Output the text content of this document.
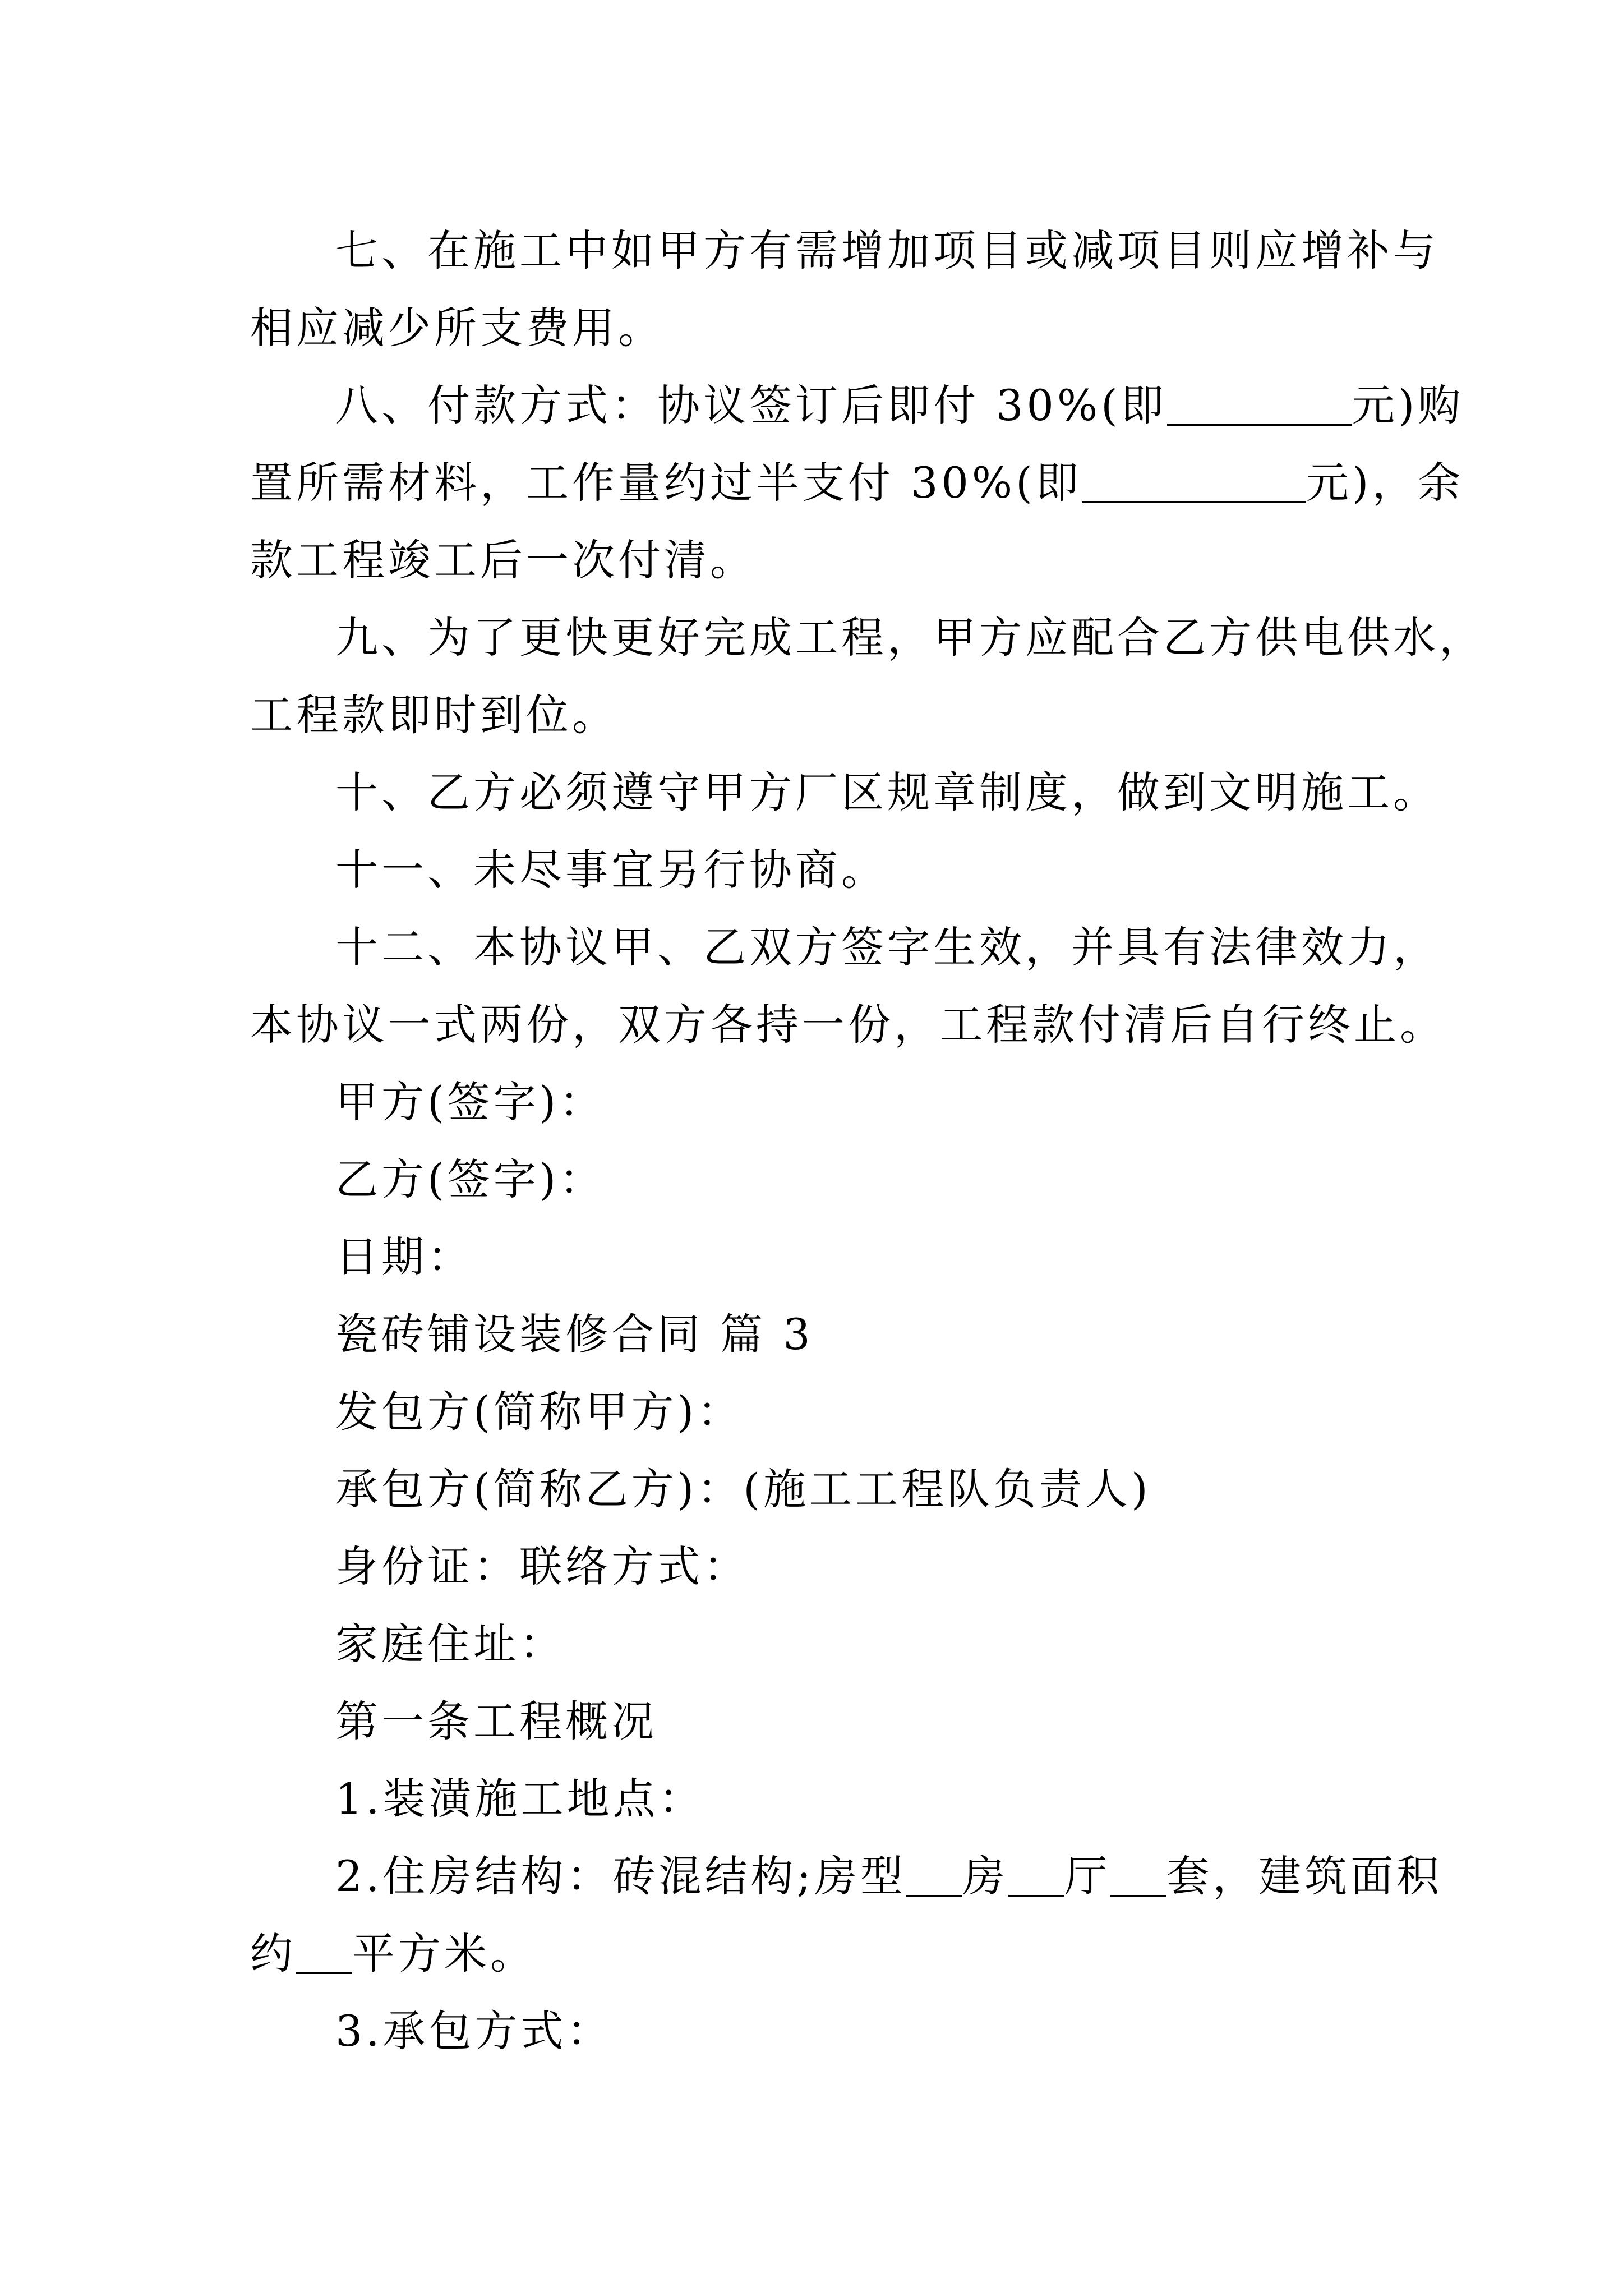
七、在施工中如甲方有需增加项目或减项目则应增补与

相应减少所支费用。

八、付款方式：协议签订后即付 30%(即	元)购

置所需材料，工作量约过半支付 30%(即	元)，余

款工程竣工后一次付清。

九、为了更快更好完成工程，甲方应配合乙方供电供水，

工程款即时到位。

十、乙方必须遵守甲方厂区规章制度，做到文明施工。

十一、未尽事宜另行协商。

十二、本协议甲、乙双方签字生效，并具有法律效力，

本协议一式两份，双方各持一份，工程款付清后自行终止。

甲方(签字)：

乙方(签字)：

日期：

瓷砖铺设装修合同 篇 3

发包方(简称甲方)：

承包方(简称乙方)：(施工工程队负责人)

身份证：联络方式：

家庭住址：

第一条工程概况

1.装潢施工地点：

2.住房结构：砖混结构;房型 房 厅 套，建筑面积

约 平方米。

3.承包方式：
